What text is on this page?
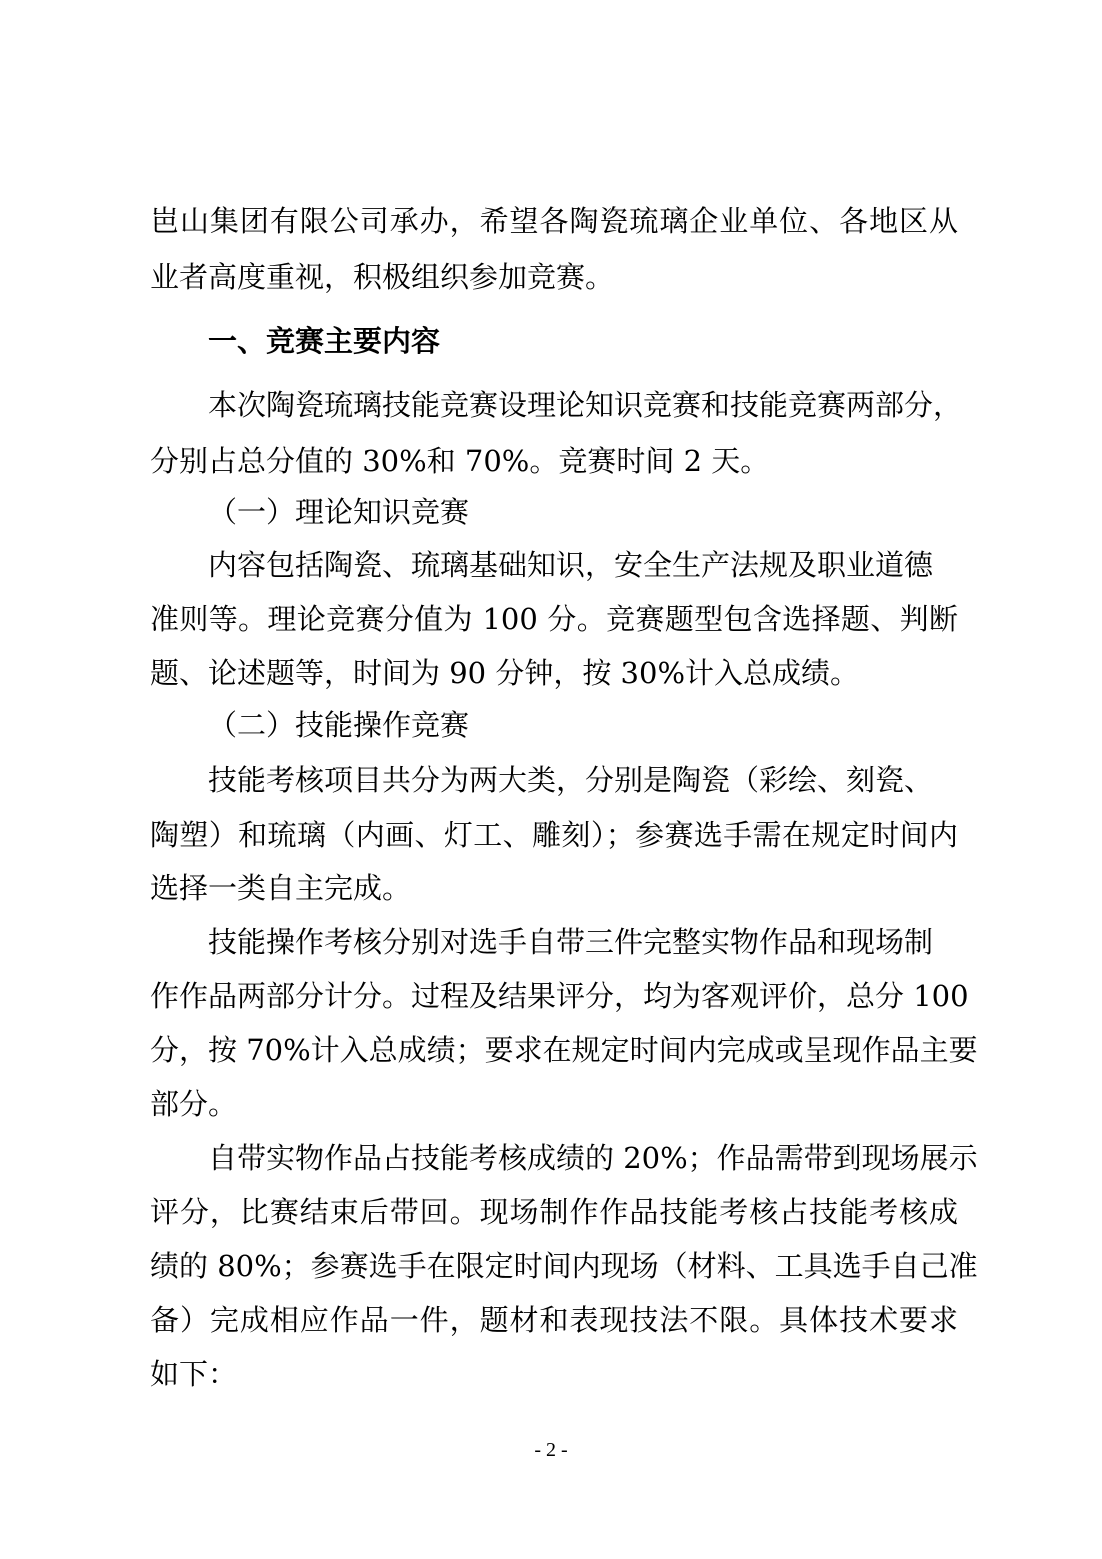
岜山集团有限公司承办，希望各陶瓷琉璃企业单位、各地区从
业者高度重视，积极组织参加竞赛。
一、竞赛主要内容
本次陶瓷琉璃技能竞赛设理论知识竞赛和技能竞赛两部分，
分别占总分值的 30%和 70%。竞赛时间 2 天。
（一）理论知识竞赛
内容包括陶瓷、琉璃基础知识，安全生产法规及职业道德
准则等。理论竞赛分值为 100 分。竞赛题型包含选择题、判断
题、论述题等，时间为 90 分钟，按 30%计入总成绩。
（二）技能操作竞赛
技能考核项目共分为两大类，分别是陶瓷（彩绘、刻瓷、
陶塑）和琉璃（内画、灯工、雕刻）；参赛选手需在规定时间内
选择一类自主完成。
技能操作考核分别对选手自带三件完整实物作品和现场制
作作品两部分计分。过程及结果评分，均为客观评价，总分 100
分，按 70%计入总成绩；要求在规定时间内完成或呈现作品主要
部分。
自带实物作品占技能考核成绩的 20%；作品需带到现场展示
评分，比赛结束后带回。现场制作作品技能考核占技能考核成
绩的 80%；参赛选手在限定时间内现场（材料、工具选手自己准
备）完成相应作品一件，题材和表现技法不限。具体技术要求
如下：
- 2 -
